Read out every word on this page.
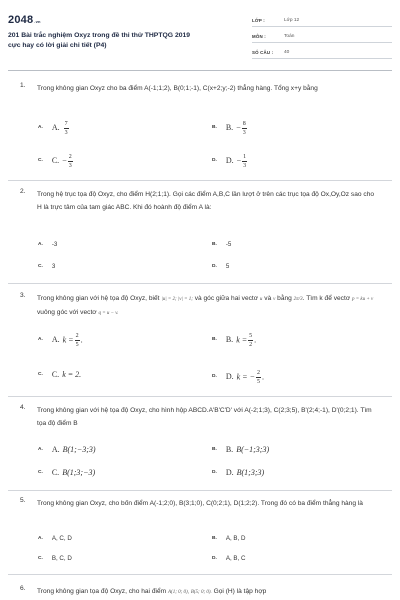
2048.vn
201 Bài trắc nghiệm Oxyz trong đề thi thử THPTQG 2019
cực hay có lời giải chi tiết (P4)
LỚP :	Lớp 12
MÔN :	Toán
SỐ CÂU : 40
1. Trong không gian Oxyz cho ba điểm A(-1;1;2), B(0;1;-1), C(x+2;y;-2) thẳng hàng. Tổng x+y bằng
A. A. $\frac{7}{3}$	B. B. − $\frac{8}{3}$
C. C. − $\frac{2}{3}$	D. D. − $\frac{1}{3}$
2. Trong hệ trục tọa độ Oxyz, cho điểm H(2;1;1). Gọi các điểm A,B,C lần lượt ở trên các trục tọa độ Ox,Oy,Oz sao cho H là trực tâm của tam giác ABC. Khi đó hoành độ điểm A là:
A. -3	B. -5
C. 3	D. 5
3. Trong không gian với hệ tọa độ Oxyz, biết |u| = 2; |v| = 1; và góc giữa hai vectơ u và v bằng 2π/3. Tìm k để vectơ p = ku + v vuông góc với vectơ q = u − v.
A. A. $k = \frac{2}{5}$ .	B. B. $k = \frac{5}{2}$ .
C. C. k = 2.	D. D. k = − $\frac{2}{5}$ .
4. Trong không gian với hệ tọa độ Oxyz, cho hình hộp ABCD.A'B'C'D' với A(-2;1;3), C(2;3;5), B'(2;4;-1), D'(0;2;1). Tìm tọa độ điểm B
A. A. B(1;−3;3)	B. B. B(−1;3;3)
C. C. B(1;3;−3)	D. D. B(1;3;3)
5. Trong không gian Oxyz, cho bốn điểm A(-1;2;0), B(3;1;0), C(0;2;1), D(1;2;2). Trong đó có ba điểm thẳng hàng là
A. A, C, D	B. A, B, D
C. B, C, D	D. A, B, C
6. Trong không gian tọa độ Oxyz, cho hai điểm A(1; 0; 0), B(5; 0; 0). Gọi (H) là tập hợp
